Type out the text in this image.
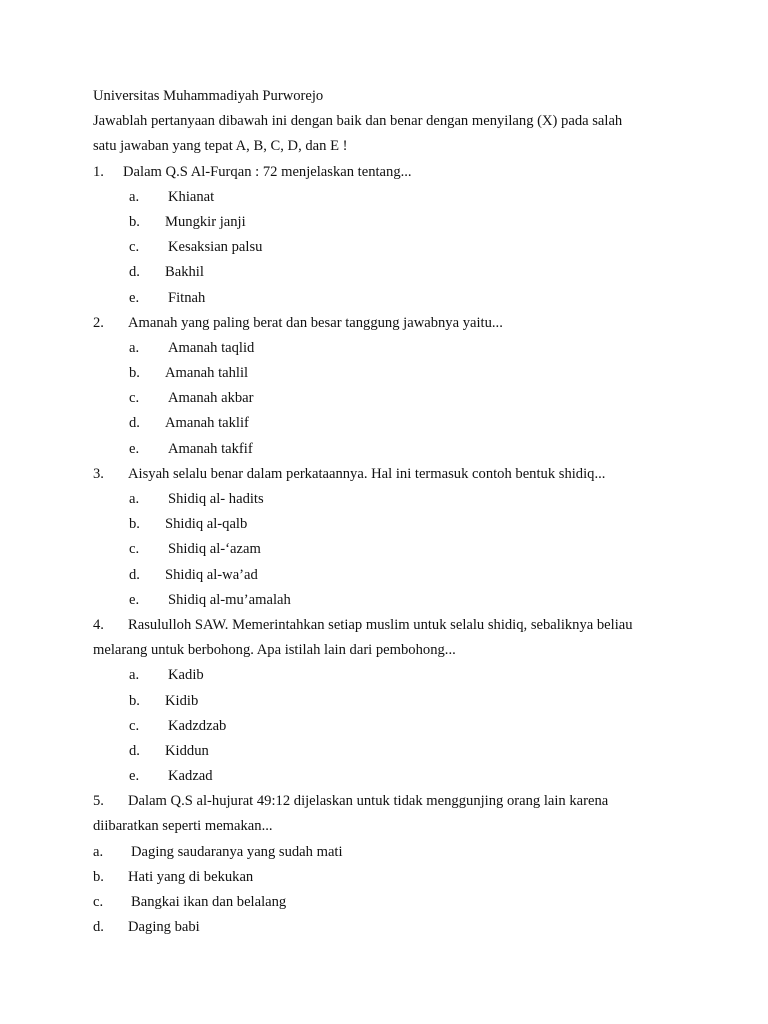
Universitas Muhammadiyah Purworejo
Jawablah pertanyaan dibawah ini dengan baik dan benar dengan menyilang (X) pada salah
satu jawaban yang tepat A, B, C, D, dan E !
1. Dalam Q.S Al-Furqan : 72 menjelaskan tentang...
a. Khianat
b. Mungkir janji
c. Kesaksian palsu
d. Bakhil
e. Fitnah
2. Amanah yang paling berat dan besar tanggung jawabnya yaitu...
a. Amanah taqlid
b. Amanah tahlil
c. Amanah akbar
d. Amanah taklif
e. Amanah takfif
3. Aisyah selalu benar dalam perkataannya. Hal ini termasuk contoh bentuk shidiq...
a. Shidiq al- hadits
b. Shidiq al-qalb
c. Shidiq al-‘azam
d. Shidiq al-wa’ad
e. Shidiq al-mu’amalah
4. Rasululloh SAW. Memerintahkan setiap muslim untuk selalu shidiq, sebaliknya beliau
melarang untuk berbohong. Apa istilah lain dari pembohong...
a. Kadib
b. Kidib
c. Kadzdzab
d. Kiddun
e. Kadzad
5. Dalam Q.S al-hujurat 49:12 dijelaskan untuk tidak menggunjing orang lain karena
diibaratkan seperti memakan...
a. Daging saudaranya yang sudah mati
b. Hati yang di bekukan
c. Bangkai ikan dan belalang
d. Daging babi
